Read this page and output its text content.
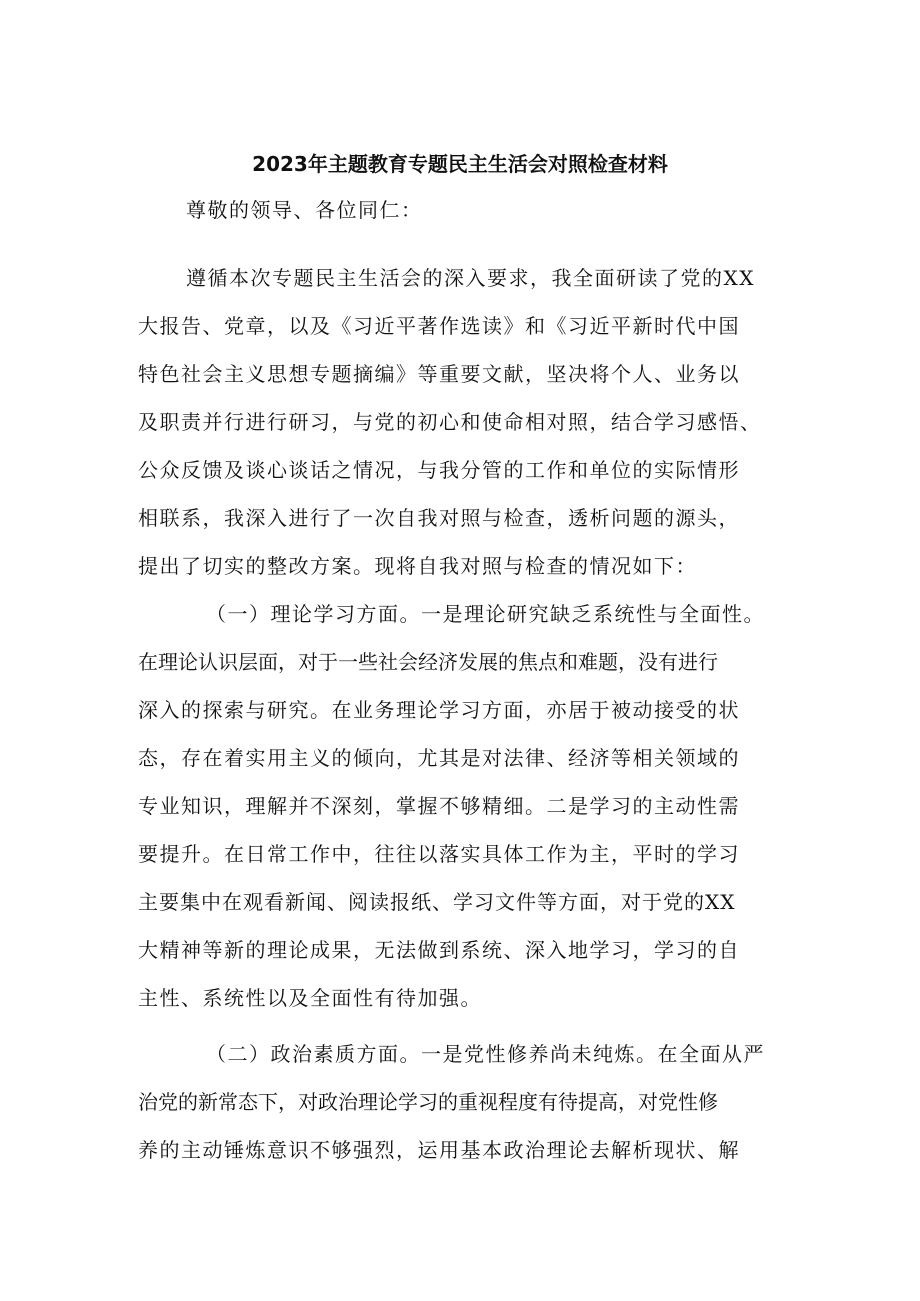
2023年主题教育专题民主生活会对照检查材料

尊敬的领导、各位同仁：

遵循本次专题民主生活会的深入要求，我全面研读了党的XX

大报告、党章，以及《习近平著作选读》和《习近平新时代中国

特色社会主义思想专题摘编》等重要文献，坚决将个人、业务以

及职责并行进行研习，与党的初心和使命相对照，结合学习感悟、

公众反馈及谈心谈话之情况，与我分管的工作和单位的实际情形

相联系，我深入进行了一次自我对照与检查，透析问题的源头，

提出了切实的整改方案。现将自我对照与检查的情况如下：

（一）理论学习方面。一是理论研究缺乏系统性与全面性。

在理论认识层面，对于一些社会经济发展的焦点和难题，没有进行

深入的探索与研究。在业务理论学习方面，亦居于被动接受的状

态，存在着实用主义的倾向，尤其是对法律、经济等相关领域的

专业知识，理解并不深刻，掌握不够精细。二是学习的主动性需

要提升。在日常工作中，往往以落实具体工作为主，平时的学习

主要集中在观看新闻、阅读报纸、学习文件等方面，对于党的XX

大精神等新的理论成果，无法做到系统、深入地学习，学习的自

主性、系统性以及全面性有待加强。

（二）政治素质方面。一是党性修养尚未纯炼。在全面从严

治党的新常态下，对政治理论学习的重视程度有待提高，对党性修

养的主动锤炼意识不够强烈，运用基本政治理论去解析现状、解
